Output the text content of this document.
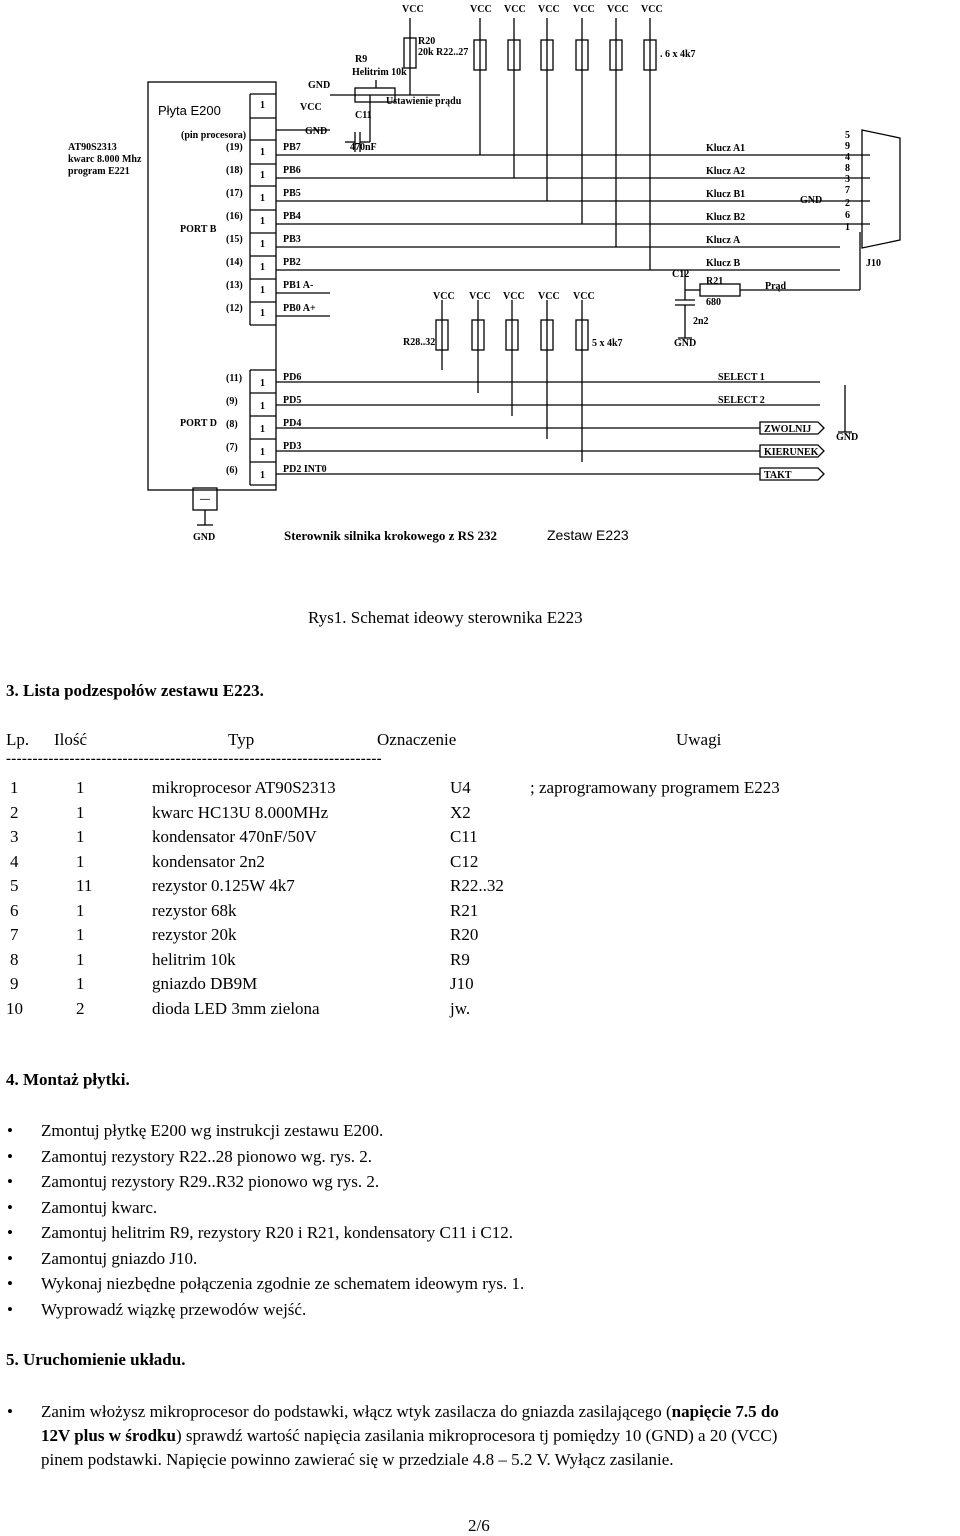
VCC	VCC VCC VCC VCC VCC VCC
R20
20k R22..27	. 6 x 4k7
R9
Helitrim 10k
GND
Ustawienie prądu
C11
VCC
GND
470nF
Płyta E200
(pin procesora)
AT90S2313
kwarc 8.000 Mhz
program E221
PORT B
PORT D
(19)
(18)
(17)
(16)
(15)
(14)
(13)
(12)
1
1
1
1
1
1
1
1
1
PB7
PB6
PB5
PB4
PB3
PB2
PB1 A-
PB0 A+
Klucz A1
Klucz A2
Klucz B1
Klucz B2
Klucz A
Klucz B
GND
5
9
4
8
3
7
2
6
1
J10
C12
R21
680
Prąd
2n2
GND
VCC VCC VCC VCC VCC
R28..32	5 x 4k7
(11)
(9)
(8)
(7)
(6)
1
1
1
1
1
PD6
PD5
PD4
PD3
PD2 INT0
SELECT 1
SELECT 2
ZWOLNIJ
KIERUNEK
TAKT
GND
—
GND	Sterownik silnika krokowego z RS 232	Zestaw E223
Rys1. Schemat ideowy sterownika E223
3. Lista podzespołów zestawu E223.
Lp. Ilość	Typ	Oznaczenie	Uwagi
-----------------------------------------------------------------------
1	1	mikroprocesor AT90S2313	U4	; zaprogramowany programem E223
2	1	kwarc HC13U 8.000MHz	X2
3	1	kondensator 470nF/50V	C11
4	1	kondensator 2n2	C12
5	11	rezystor 0.125W 4k7	R22..32
6	1	rezystor 68k	R21
7	1	rezystor 20k	R20
8	1	helitrim 10k	R9
9	1	gniazdo DB9M	J10
10	2	dioda LED 3mm zielona	jw.
4. Montaż płytki.
• Zmontuj płytkę E200 wg instrukcji zestawu E200.
• Zamontuj rezystory R22..28 pionowo wg. rys. 2.
• Zamontuj rezystory R29..R32 pionowo wg rys. 2.
• Zamontuj kwarc.
• Zamontuj helitrim R9, rezystory R20 i R21, kondensatory C11 i C12.
• Zamontuj gniazdo J10.
• Wykonaj niezbędne połączenia zgodnie ze schematem ideowym rys. 1.
• Wyprowadź wiązkę przewodów wejść.
5. Uruchomienie układu.
• Zanim włożysz mikroprocesor do podstawki, włącz wtyk zasilacza do gniazda zasilającego (napięcie 7.5 do
12V plus w środku) sprawdź wartość napięcia zasilania mikroprocesora tj pomiędzy 10 (GND) a 20 (VCC)
pinem podstawki. Napięcie powinno zawierać się w przedziale 4.8 – 5.2 V. Wyłącz zasilanie.
2/6
